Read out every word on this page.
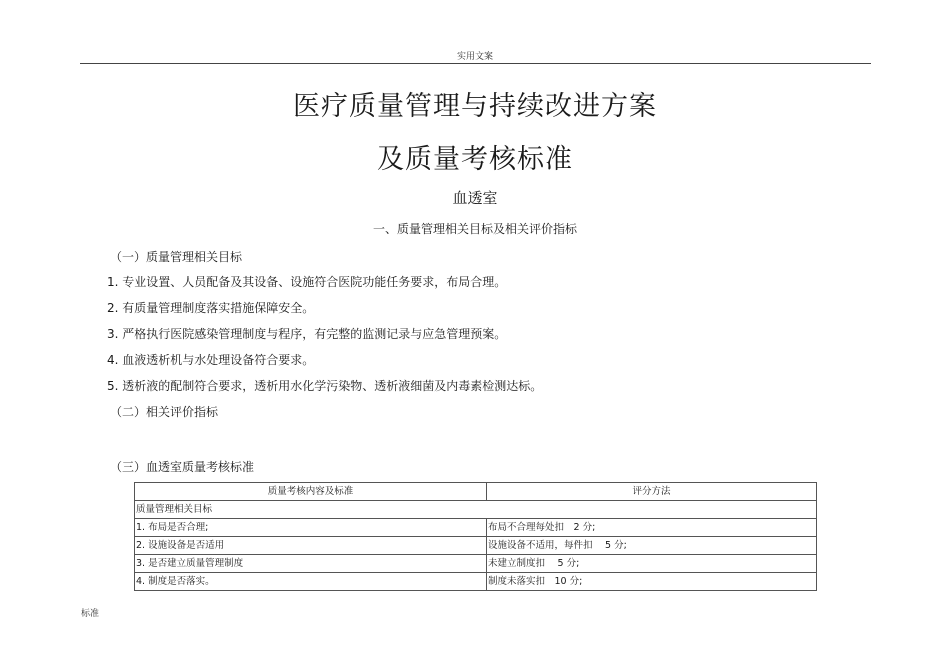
实用文案
医疗质量管理与持续改进方案
及质量考核标准
血透室
一、质量管理相关目标及相关评价指标
（一）质量管理相关目标
1. 专业设置、人员配备及其设备、设施符合医院功能任务要求，布局合理。
2. 有质量管理制度落实措施保障安全。
3. 严格执行医院感染管理制度与程序，有完整的监测记录与应急管理预案。
4. 血液透析机与水处理设备符合要求。
5. 透析液的配制符合要求，透析用水化学污染物、透析液细菌及内毒素检测达标。
（二）相关评价指标
（三）血透室质量考核标准
质量考核内容及标准	评分方法
质量管理相关目标	
1. 布局是否合理;	布局不合理每处扣　2 分;
2. 设施设备是否适用	设施设备不适用，每件扣　 5 分;
3. 是否建立质量管理制度	未建立制度扣　 5 分;
4. 制度是否落实。	制度未落实扣　10 分;
标准
